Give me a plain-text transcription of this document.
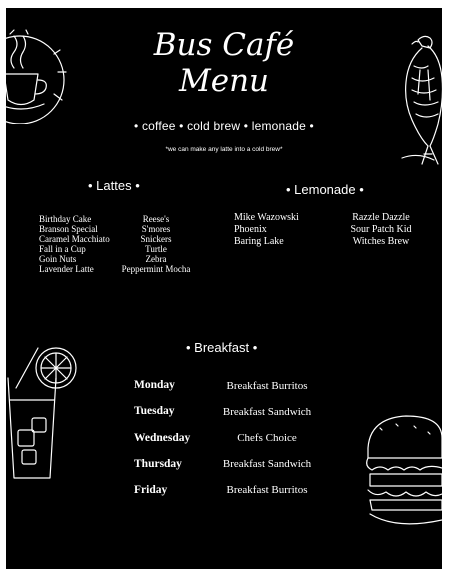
Bus Café
Menu
• coffee • cold brew • lemonade •
*we can make any latte into a cold brew*
• Lattes •
Birthday Cake
Branson Special
Caramel Macchiato
Fall in a Cup
Goin Nuts
Lavender Latte
Reese's
S'mores
Snickers
Turtle
Zebra
Peppermint Mocha
• Lemonade •
Mike Wazowski
Phoenix
Baring Lake
Razzle Dazzle
Sour Patch Kid
Witches Brew
• Breakfast •
Monday	Breakfast Burritos
Tuesday	Breakfast Sandwich
Wednesday	Chefs Choice
Thursday	Breakfast Sandwich
Friday	Breakfast Burritos
